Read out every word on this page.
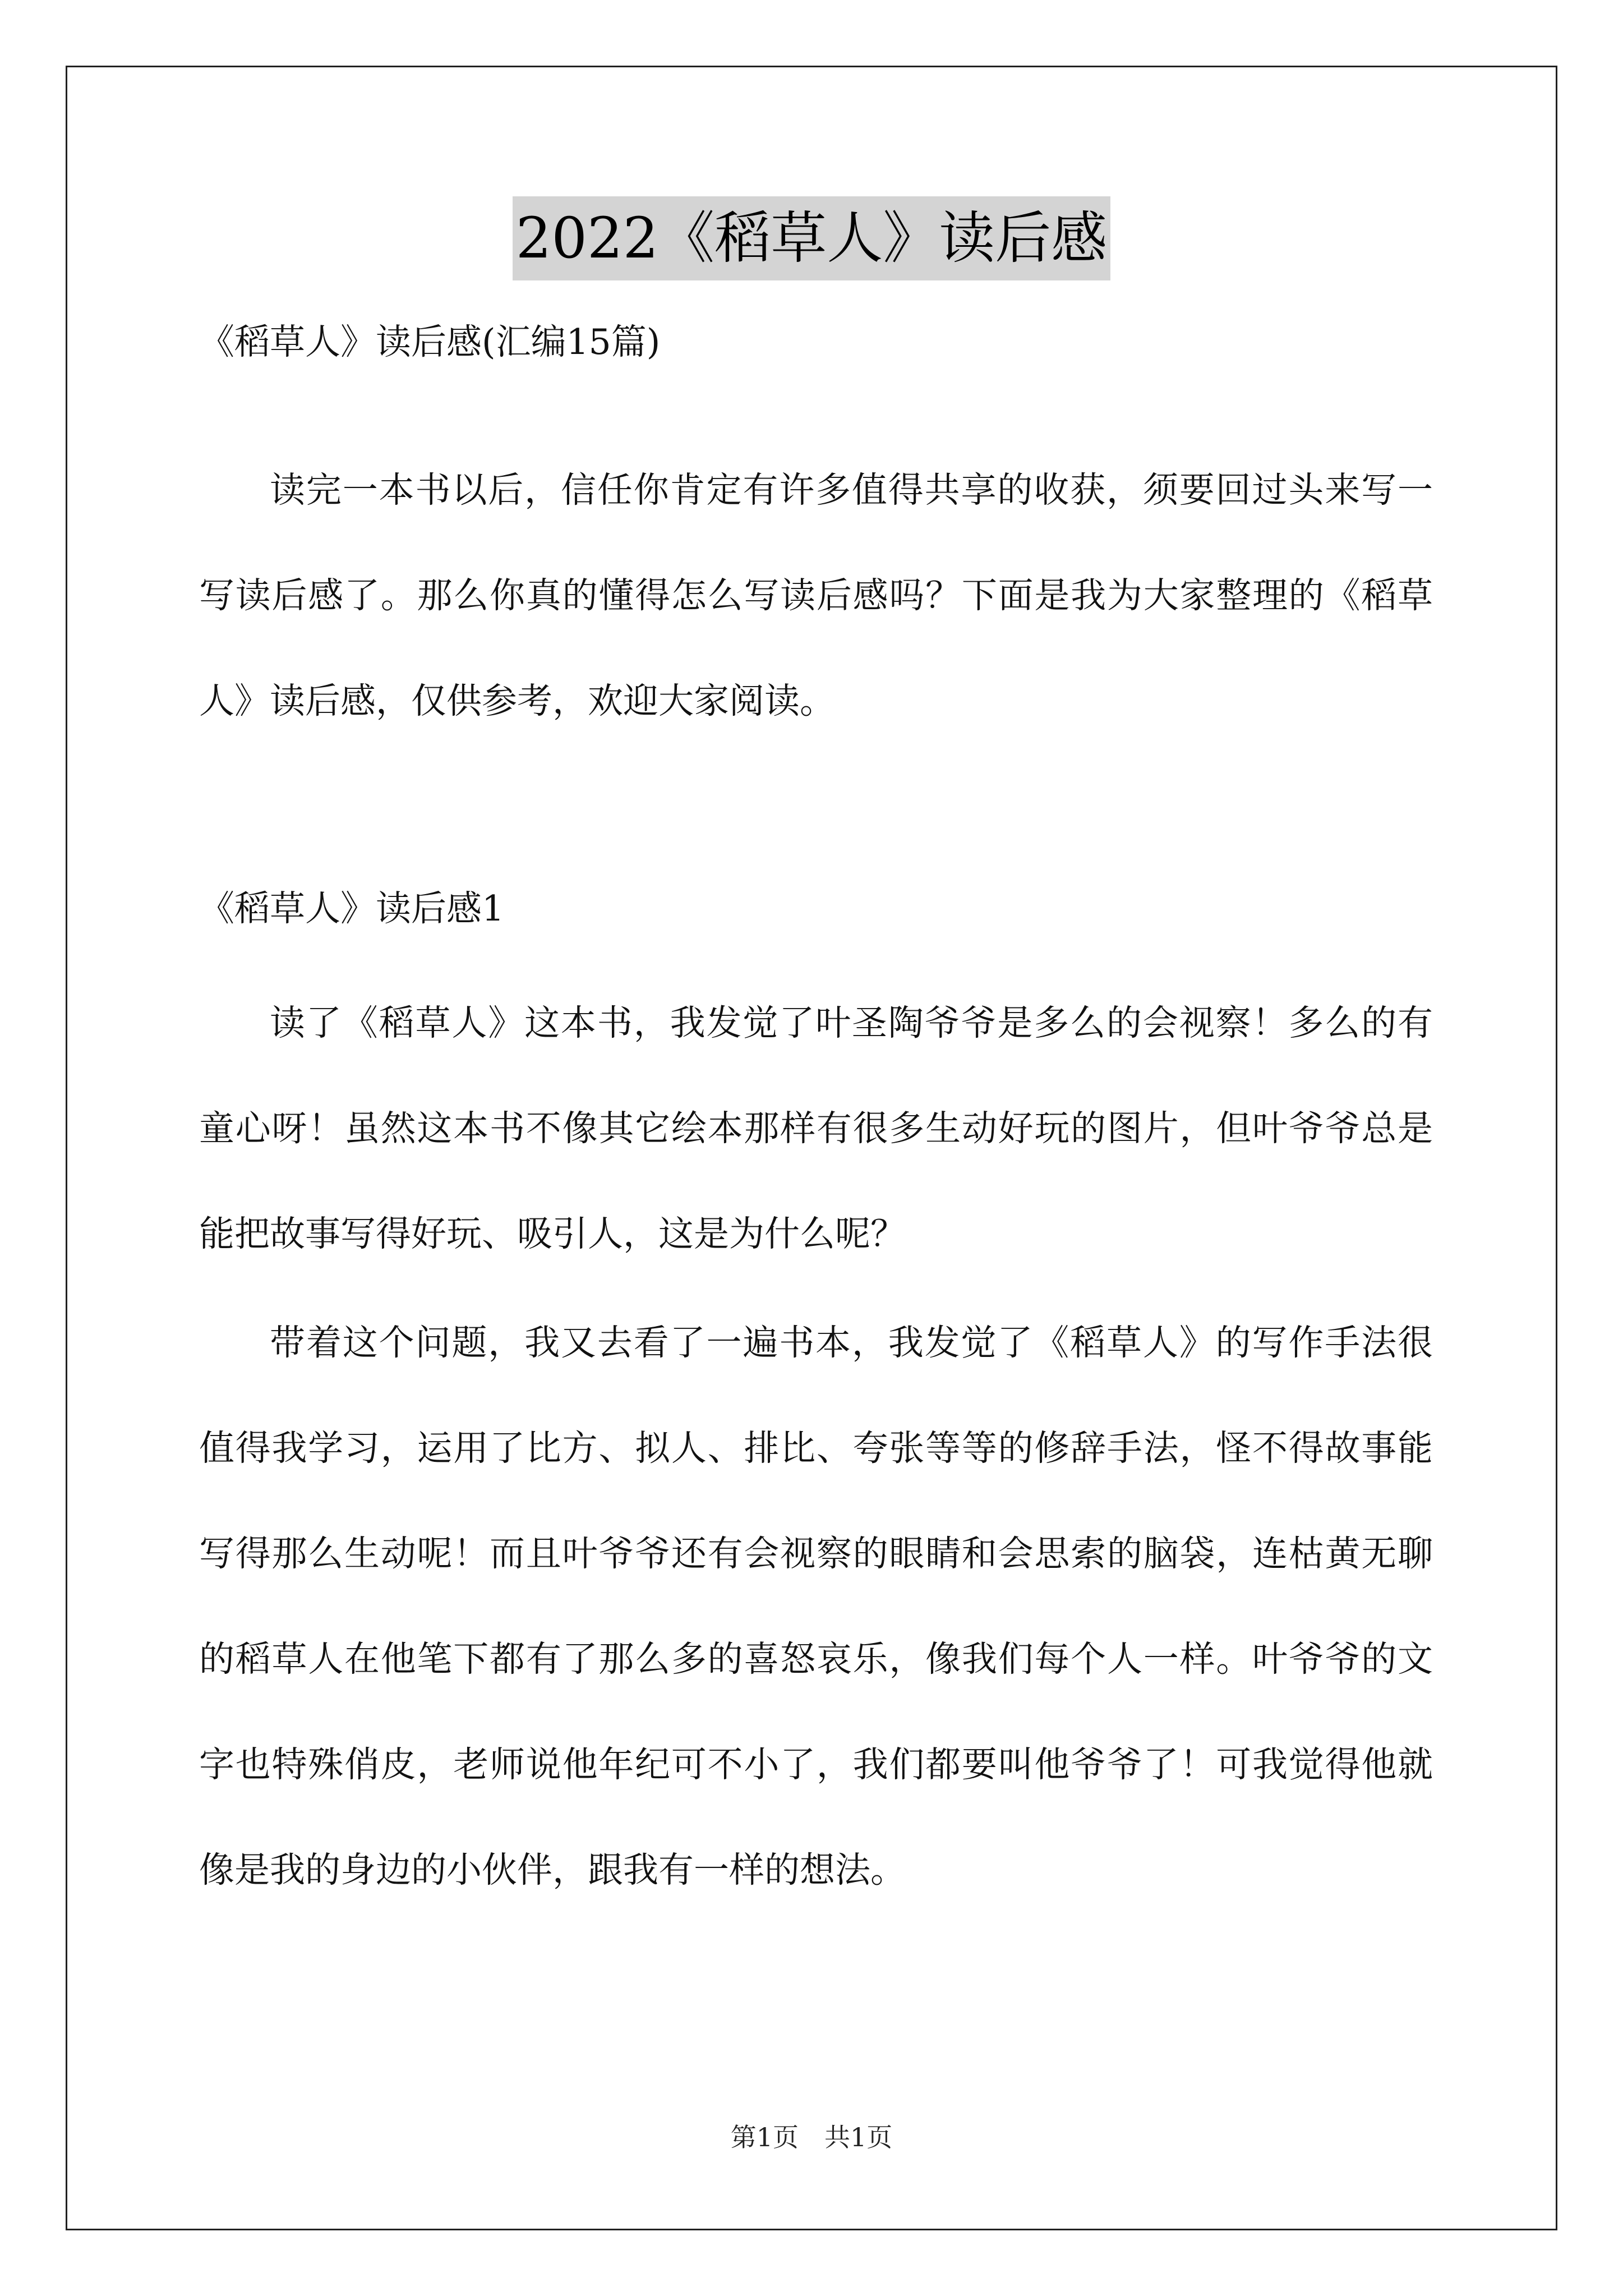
2022《稻草人》读后感
《稻草人》读后感(汇编15篇)
读完一本书以后，信任你肯定有许多值得共享的收获，须要回过头来写一写读后感了。那么你真的懂得怎么写读后感吗？下面是我为大家整理的《稻草人》读后感，仅供参考，欢迎大家阅读。
《稻草人》读后感1
读了《稻草人》这本书，我发觉了叶圣陶爷爷是多么的会视察！多么的有童心呀！虽然这本书不像其它绘本那样有很多生动好玩的图片，但叶爷爷总是能把故事写得好玩、吸引人，这是为什么呢？
带着这个问题，我又去看了一遍书本，我发觉了《稻草人》的写作手法很值得我学习，运用了比方、拟人、排比、夸张等等的修辞手法，怪不得故事能写得那么生动呢！而且叶爷爷还有会视察的眼睛和会思索的脑袋，连枯黄无聊的稻草人在他笔下都有了那么多的喜怒哀乐，像我们每个人一样。叶爷爷的文字也特殊俏皮，老师说他年纪可不小了，我们都要叫他爷爷了！可我觉得他就像是我的身边的小伙伴，跟我有一样的想法。
第1页　共1页
